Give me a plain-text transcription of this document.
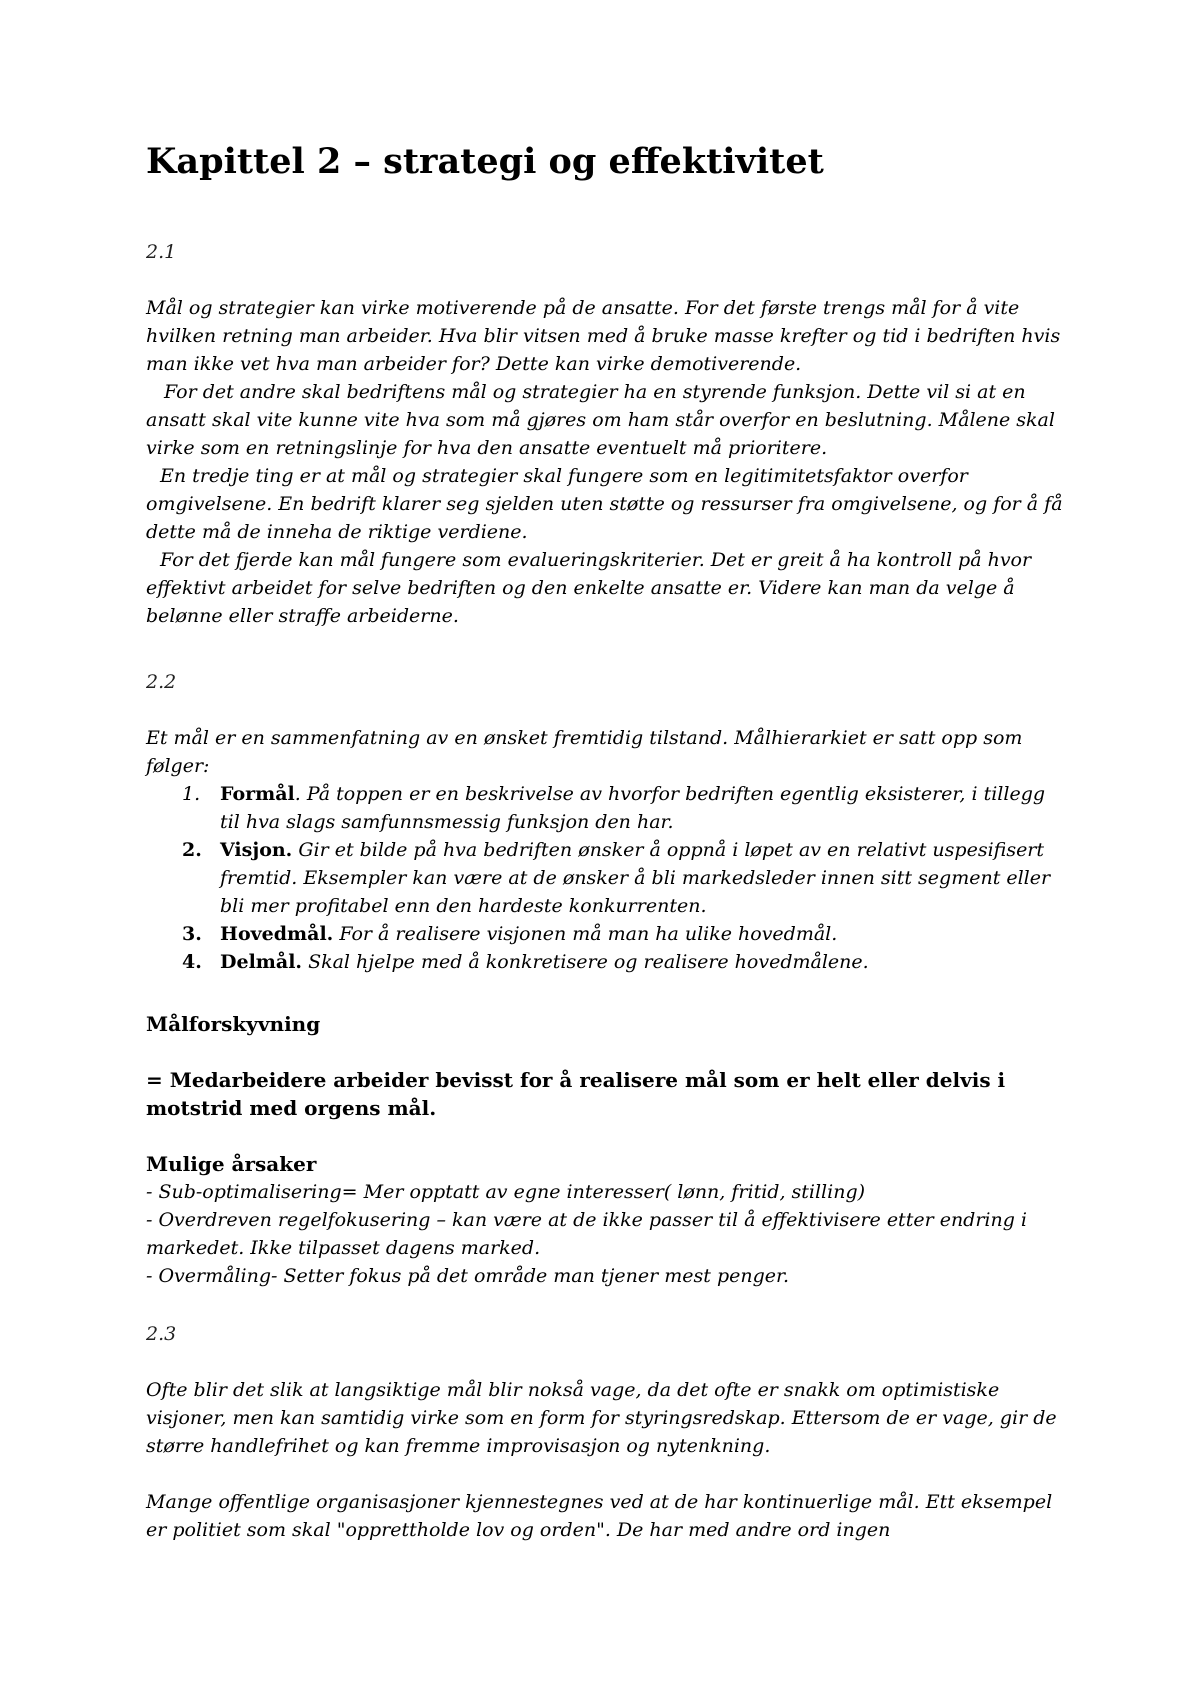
Kapittel 2 – strategi og effektivitet
2.1

Mål og strategier kan virke motiverende på de ansatte. For det første trengs mål for å vite hvilken retning man arbeider. Hva blir vitsen med å bruke masse krefter og tid i bedriften hvis man ikke vet hva man arbeider for? Dette kan virke demotiverende.

For det andre skal bedriftens mål og strategier ha en styrende funksjon. Dette vil si at en ansatt skal vite kunne vite hva som må gjøres om ham står overfor en beslutning. Målene skal virke som en retningslinje for hva den ansatte eventuelt må prioritere.

En tredje ting er at mål og strategier skal fungere som en legitimitetsfaktor overfor omgivelsene. En bedrift klarer seg sjelden uten støtte og ressurser fra omgivelsene, og for å få dette må de inneha de riktige verdiene.

For det fjerde kan mål fungere som evalueringskriterier. Det er greit å ha kontroll på hvor effektivt arbeidet for selve bedriften og den enkelte ansatte er. Videre kan man da velge å belønne eller straffe arbeiderne.

2.2

Et mål er en sammenfatning av en ønsket fremtidig tilstand. Målhierarkiet er satt opp som følger:

1. Formål. På toppen er en beskrivelse av hvorfor bedriften egentlig eksisterer, i tillegg til hva slags samfunnsmessig funksjon den har.
2. Visjon. Gir et bilde på hva bedriften ønsker å oppnå i løpet av en relativt uspesifisert fremtid. Eksempler kan være at de ønsker å bli markedsleder innen sitt segment eller bli mer profitabel enn den hardeste konkurrenten.
3. Hovedmål. For å realisere visjonen må man ha ulike hovedmål.
4. Delmål. Skal hjelpe med å konkretisere og realisere hovedmålene.

Målforskyvning

= Medarbeidere arbeider bevisst for å realisere mål som er helt eller delvis i motstrid med orgens mål.

Mulige årsaker

- Sub-optimalisering= Mer opptatt av egne interesser( lønn, fritid, stilling)

- Overdreven regelfokusering – kan være at de ikke passer til å effektivisere etter endring i markedet. Ikke tilpasset dagens marked.

- Overmåling- Setter fokus på det område man tjener mest penger.

2.3

Ofte blir det slik at langsiktige mål blir nokså vage, da det ofte er snakk om optimistiske visjoner, men kan samtidig virke som en form for styringsredskap. Ettersom de er vage, gir de større handlefrihet og kan fremme improvisasjon og nytenkning.

Mange offentlige organisasjoner kjennestegnes ved at de har kontinuerlige mål. Ett eksempel er politiet som skal "opprettholde lov og orden". De har med andre ord ingen
